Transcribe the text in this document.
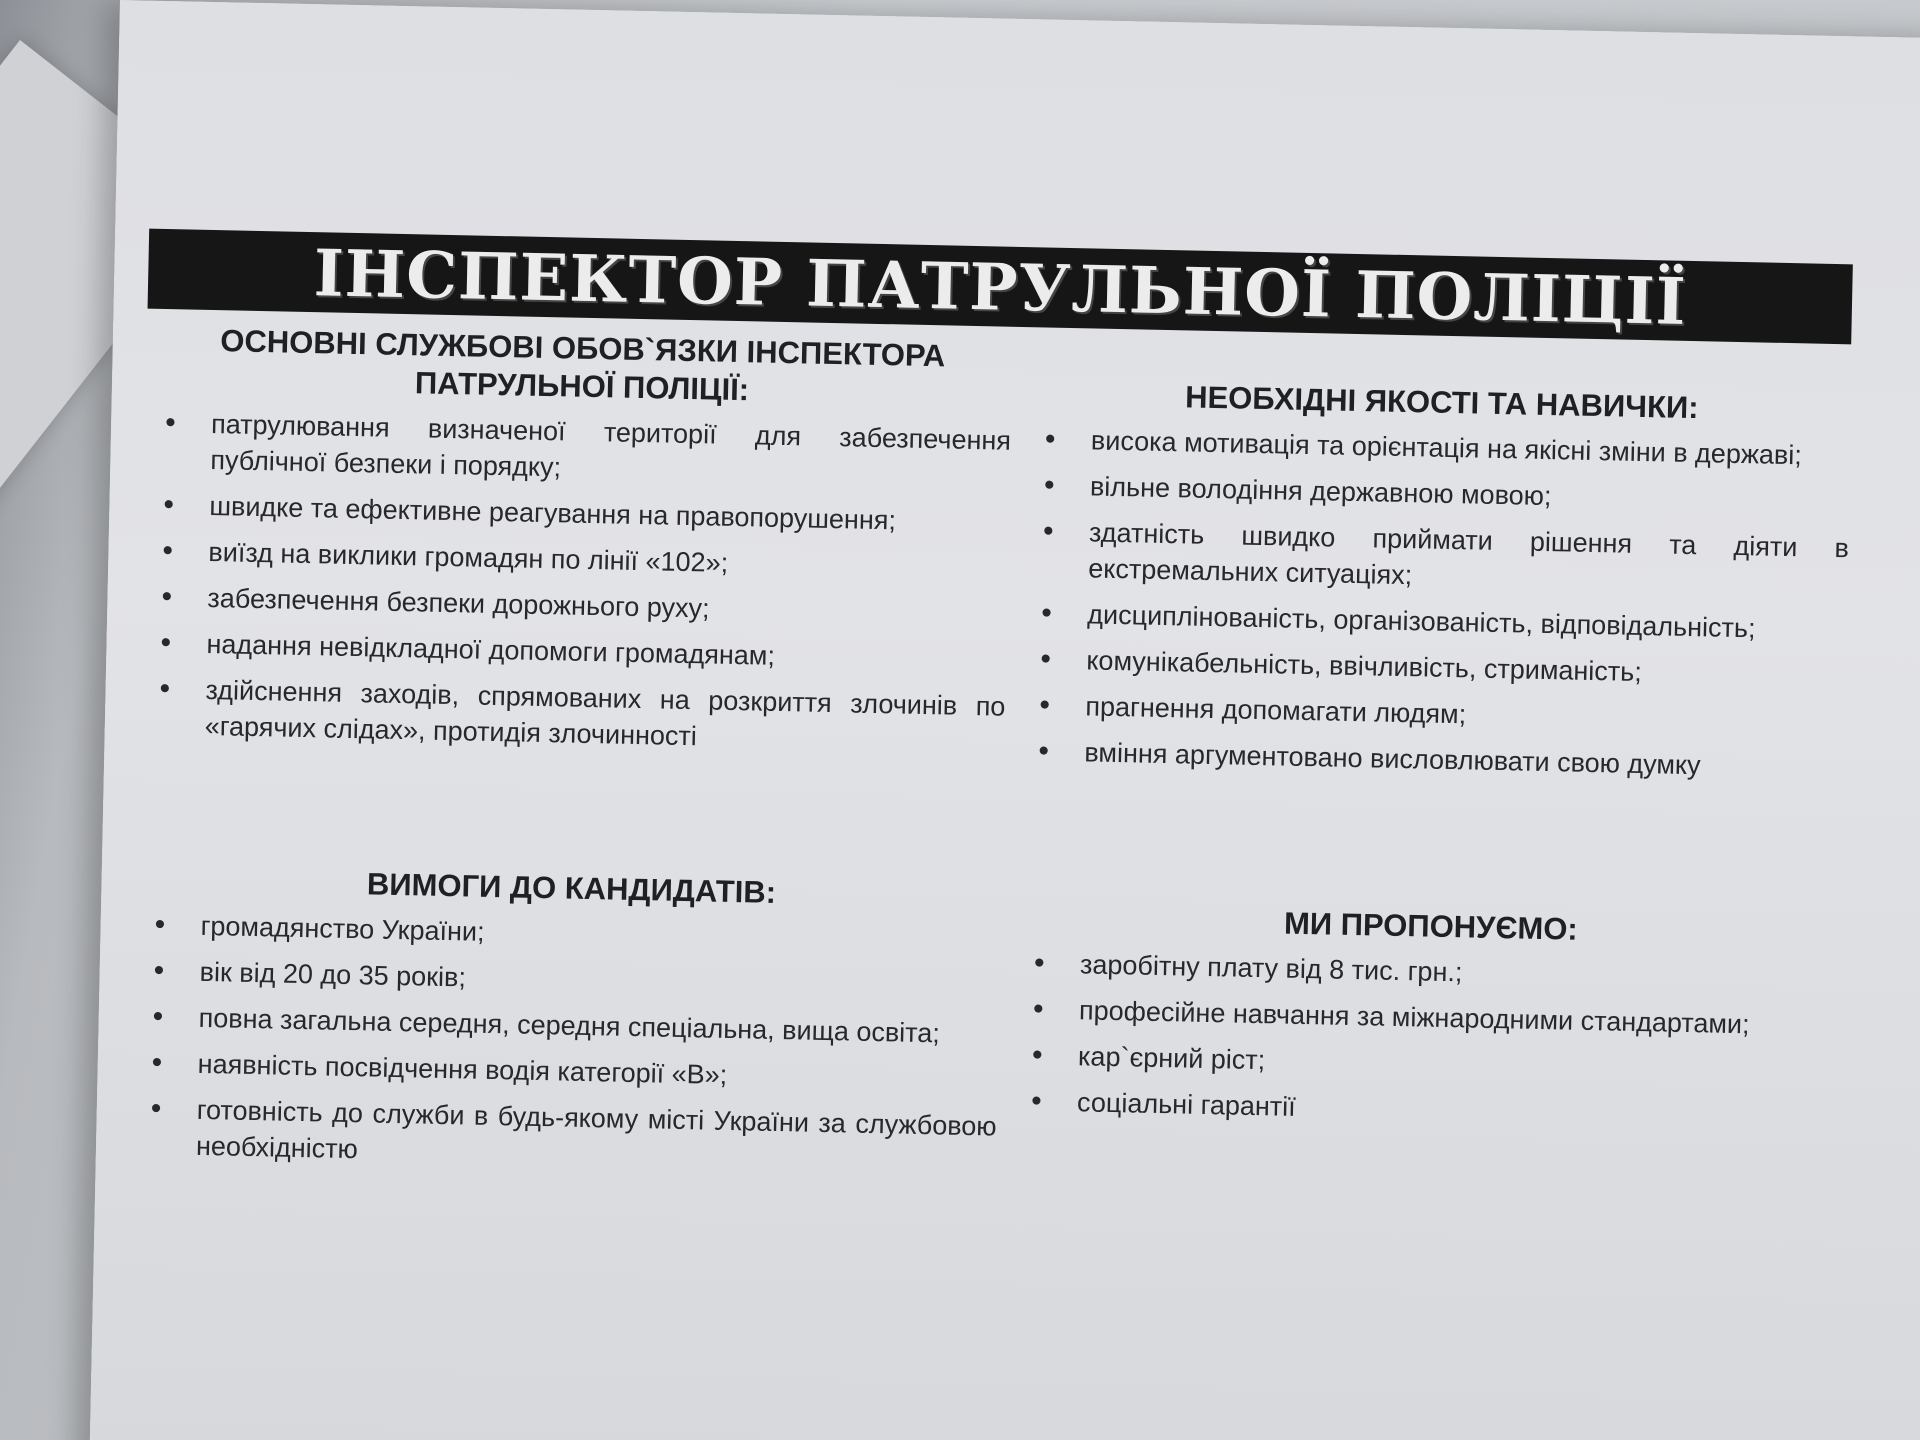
ІНСПЕКТОР ПАТРУЛЬНОЇ ПОЛІЦІЇ
ОСНОВНІ СЛУЖБОВІ ОБОВ`ЯЗКИ ІНСПЕКТОРА
ПАТРУЛЬНОЇ ПОЛІЦІЇ:
• патрулювання визначеної території для забезпечення публічної безпеки і порядку;
• швидке та ефективне реагування на правопорушення;
• виїзд на виклики громадян по лінії «102»;
• забезпечення безпеки дорожнього руху;
• надання невідкладної допомоги громадянам;
• здійснення заходів, спрямованих на розкриття злочинів по «гарячих слідах», протидія злочинності
НЕОБХІДНІ ЯКОСТІ ТА НАВИЧКИ:
• висока мотивація та орієнтація на якісні зміни в державі;
• вільне володіння державною мовою;
• здатність швидко приймати рішення та діяти в екстремальних ситуаціях;
• дисциплінованість, організованість, відповідальність;
• комунікабельність, ввічливість, стриманість;
• прагнення допомагати людям;
• вміння аргументовано висловлювати свою думку
ВИМОГИ ДО КАНДИДАТІВ:
• громадянство України;
• вік від 20 до 35 років;
• повна загальна середня, середня спеціальна, вища освіта;
• наявність посвідчення водія категорії «В»;
• готовність до служби в будь-якому місті України за службовою необхідністю
МИ ПРОПОНУЄМО:
• заробітну плату від 8 тис. грн.;
• професійне навчання за міжнародними стандартами;
• кар`єрний ріст;
• соціальні гарантії
